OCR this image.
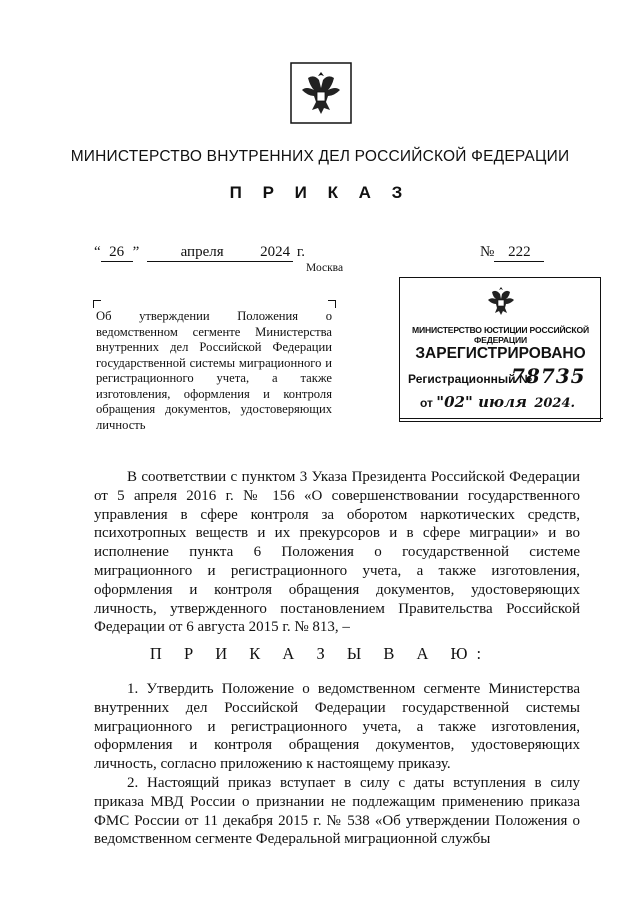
МИНИСТЕРСТВО ВНУТРЕННИХ ДЕЛ РОССИЙСКОЙ ФЕДЕРАЦИИ
П Р И К А З
“ 26 ”	апреля 2024 г.	№ 222
Москва
Об утверждении Положения о ведомственном сегменте Министерства внутренних дел Российской Федерации государственной системы миграционного и регистрационного учета, а также изготовления, оформления и контроля обращения документов, удостоверяющих личность
МИНИСТЕРСТВО ЮСТИЦИИ РОССИЙСКОЙ ФЕДЕРАЦИИ
ЗАРЕГИСТРИРОВАНО
Регистрационный №
78735
от "02" июля 2024.
В соответствии с пунктом 3 Указа Президента Российской Федерации от 5 апреля 2016 г. № 156 «О совершенствовании государственного управления в сфере контроля за оборотом наркотических средств, психотропных веществ и их прекурсоров и в сфере миграции» и во исполнение пункта 6 Положения о государственной системе миграционного и регистрационного учета, а также изготовления, оформления и контроля обращения документов, удостоверяющих личность, утвержденного постановлением Правительства Российской Федерации от 6 августа 2015 г. № 813, –
П Р И К А З Ы В А Ю:
1. Утвердить Положение о ведомственном сегменте Министерства внутренних дел Российской Федерации государственной системы миграционного и регистрационного учета, а также изготовления, оформления и контроля обращения документов, удостоверяющих личность, согласно приложению к настоящему приказу.
2. Настоящий приказ вступает в силу с даты вступления в силу приказа МВД России о признании не подлежащим применению приказа ФМС России от 11 декабря 2015 г. № 538 «Об утверждении Положения о ведомственном сегменте Федеральной миграционной службы
